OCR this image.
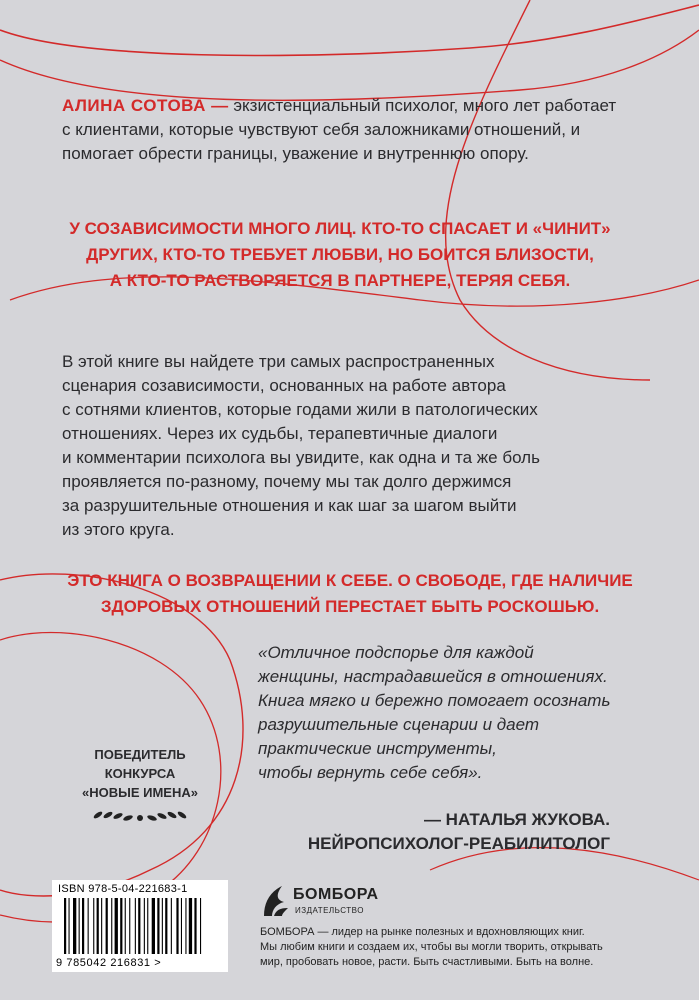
АЛИНА СОТОВА — экзистенциальный психолог, много лет работает с клиентами, которые чувствуют себя заложниками отношений, и помогает обрести границы, уважение и внутреннюю опору.
У СОЗАВИСИМОСТИ МНОГО ЛИЦ. КТО-ТО СПАСАЕТ И «ЧИНИТ»
ДРУГИХ, КТО-ТО ТРЕБУЕТ ЛЮБВИ, НО БОИТСЯ БЛИЗОСТИ,
А КТО-ТО РАСТВОРЯЕТСЯ В ПАРТНЕРЕ, ТЕРЯЯ СЕБЯ.
В этой книге вы найдете три самых распространенных
сценария созависимости, основанных на работе автора
с сотнями клиентов, которые годами жили в патологических
отношениях. Через их судьбы, терапевтичные диалоги
и комментарии психолога вы увидите, как одна и та же боль
проявляется по-разному, почему мы так долго держимся
за разрушительные отношения и как шаг за шагом выйти
из этого круга.
ЭТО КНИГА О ВОЗВРАЩЕНИИ К СЕБЕ. О СВОБОДЕ, ГДЕ НАЛИЧИЕ
ЗДОРОВЫХ ОТНОШЕНИЙ ПЕРЕСТАЕТ БЫТЬ РОСКОШЬЮ.
«Отличное подспорье для каждой
женщины, настрадавшейся в отношениях.
Книга мягко и бережно помогает осознать
разрушительные сценарии и дает
практические инструменты,
чтобы вернуть себе себя».
— НАТАЛЬЯ ЖУКОВА.
НЕЙРОПСИХОЛОГ-РЕАБИЛИТОЛОГ
ПОБЕДИТЕЛЬ
КОНКУРСА
«НОВЫЕ ИМЕНА»
ISBN 978-5-04-221683-1
9 785042 216831 >
БОМБОРА
ИЗДАТЕЛЬСТВО
БОМБОРА — лидер на рынке полезных и вдохновляющих книг.
Мы любим книги и создаем их, чтобы вы могли творить, открывать
мир, пробовать новое, расти. Быть счастливыми. Быть на волне.
